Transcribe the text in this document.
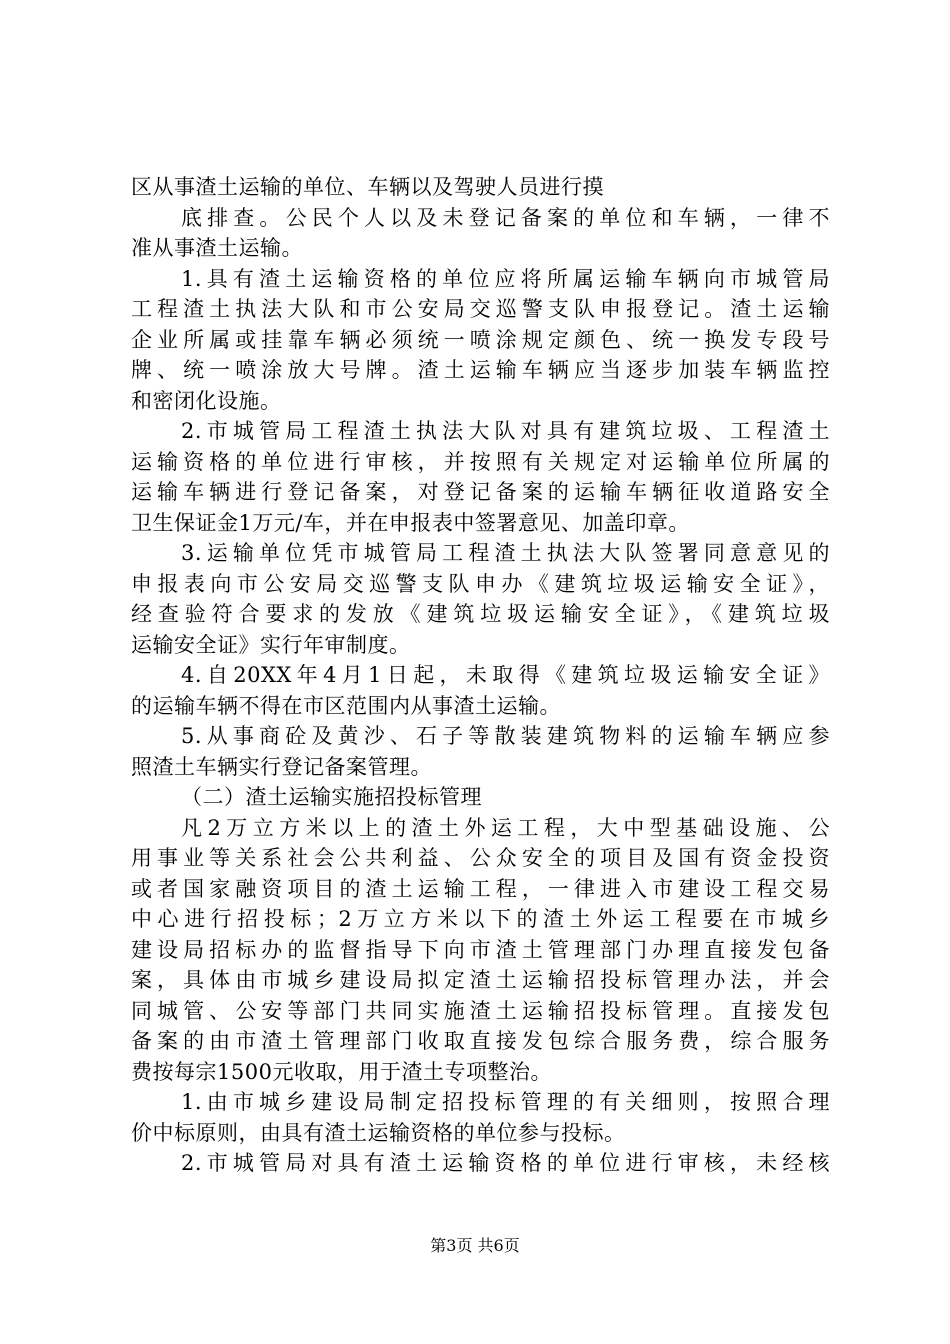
区从事渣土运输的单位、车辆以及驾驶人员进行摸
底排查。公民个人以及未登记备案的单位和车辆，一律不
准从事渣土运输。
1.具有渣土运输资格的单位应将所属运输车辆向市城管局
工程渣土执法大队和市公安局交巡警支队申报登记。渣土运输
企业所属或挂靠车辆必须统一喷涂规定颜色、统一换发专段号
牌、统一喷涂放大号牌。渣土运输车辆应当逐步加装车辆监控
和密闭化设施。
2.市城管局工程渣土执法大队对具有建筑垃圾、工程渣土
运输资格的单位进行审核，并按照有关规定对运输单位所属的
运输车辆进行登记备案，对登记备案的运输车辆征收道路安全
卫生保证金1万元/车，并在申报表中签署意见、加盖印章。
3.运输单位凭市城管局工程渣土执法大队签署同意意见的
申报表向市公安局交巡警支队申办《建筑垃圾运输安全证》，
经查验符合要求的发放《建筑垃圾运输安全证》，《建筑垃圾
运输安全证》实行年审制度。
4.自20XX年4月1日起，未取得《建筑垃圾运输安全证》
的运输车辆不得在市区范围内从事渣土运输。
5.从事商砼及黄沙、石子等散装建筑物料的运输车辆应参
照渣土车辆实行登记备案管理。
（二）渣土运输实施招投标管理
凡2万立方米以上的渣土外运工程，大中型基础设施、公
用事业等关系社会公共利益、公众安全的项目及国有资金投资
或者国家融资项目的渣土运输工程，一律进入市建设工程交易
中心进行招投标；2万立方米以下的渣土外运工程要在市城乡
建设局招标办的监督指导下向市渣土管理部门办理直接发包备
案，具体由市城乡建设局拟定渣土运输招投标管理办法，并会
同城管、公安等部门共同实施渣土运输招投标管理。直接发包
备案的由市渣土管理部门收取直接发包综合服务费，综合服务
费按每宗1500元收取，用于渣土专项整治。
1.由市城乡建设局制定招投标管理的有关细则，按照合理
价中标原则，由具有渣土运输资格的单位参与投标。
2.市城管局对具有渣土运输资格的单位进行审核，未经核
第3页 共6页
